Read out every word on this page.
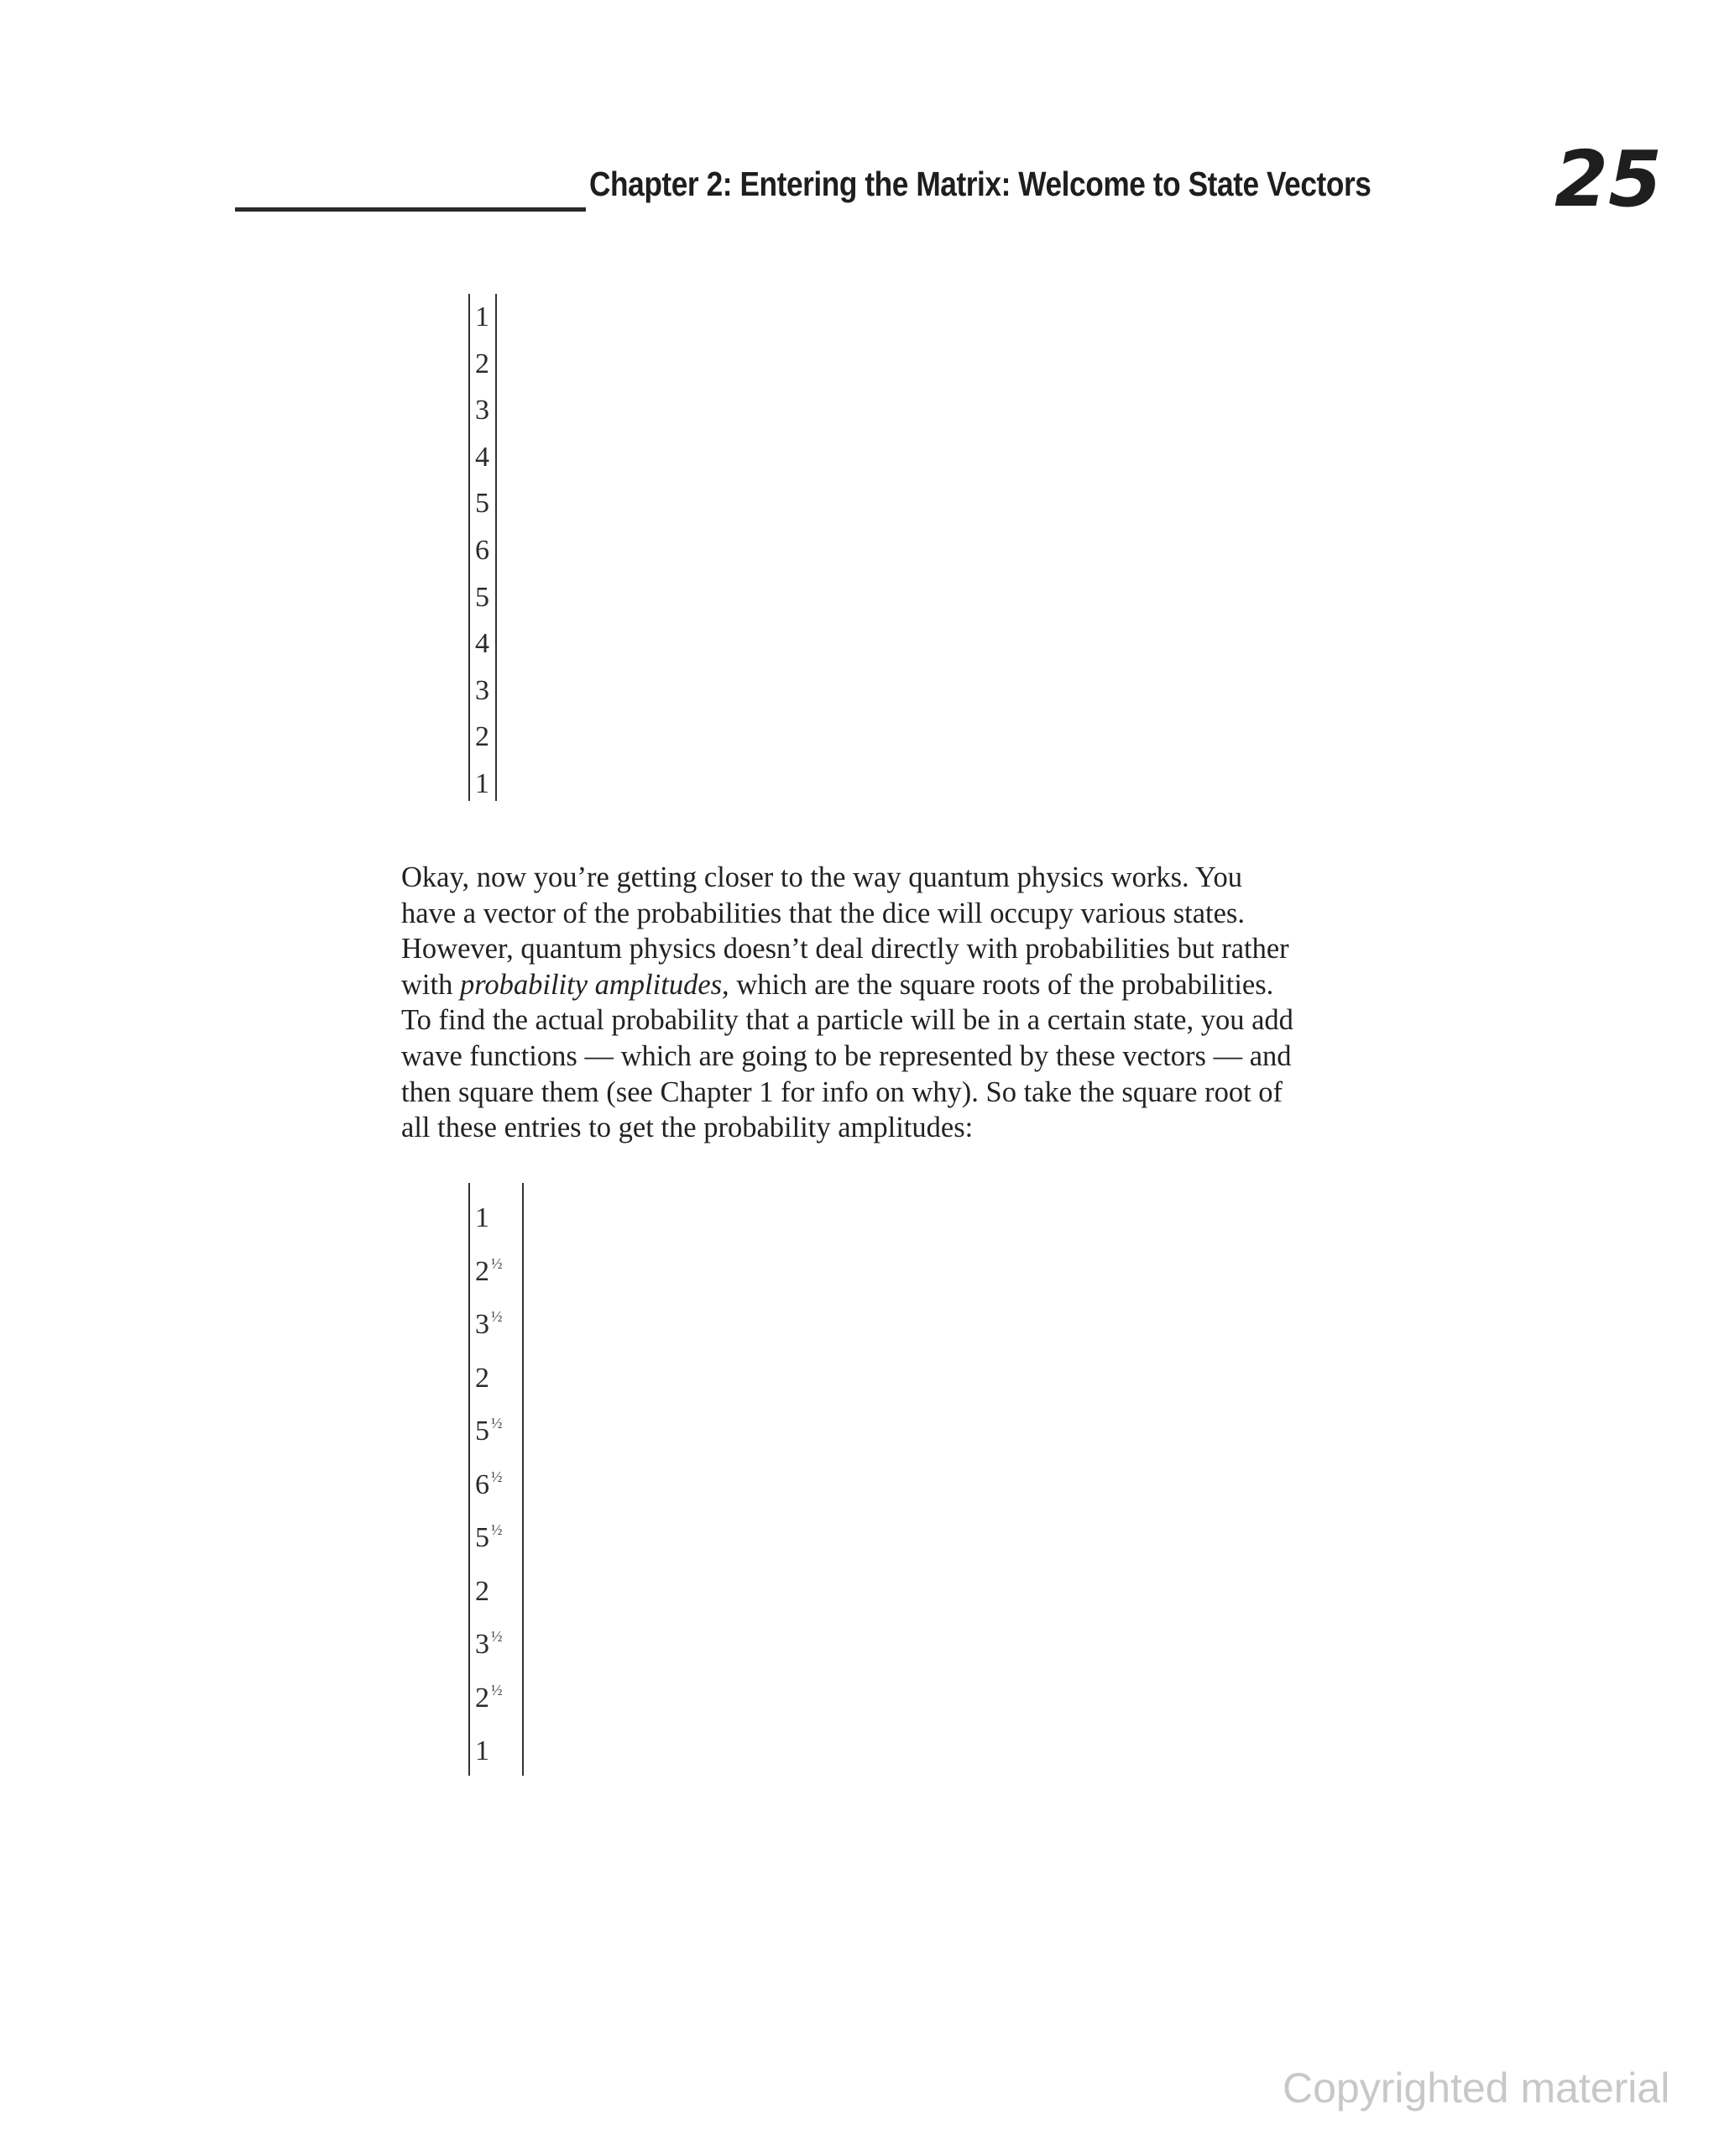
Chapter 2: Entering the Matrix: Welcome to State Vectors 25
1
2
3
4
5
6
5
4
3
2
1
Okay, now you’re getting closer to the way quantum physics works. You
have a vector of the probabilities that the dice will occupy various states.
However, quantum physics doesn’t deal directly with probabilities but rather
with probability amplitudes, which are the square roots of the probabilities.
To find the actual probability that a particle will be in a certain state, you add
wave functions — which are going to be represented by these vectors — and
then square them (see Chapter 1 for info on why). So take the square root of
all these entries to get the probability amplitudes:
1
2 $^{\frac{1}{2}}$
3 $^{\frac{1}{2}}$
2
5 $^{\frac{1}{2}}$
6 $^{\frac{1}{2}}$
5 $^{\frac{1}{2}}$
2
3 $^{\frac{1}{2}}$
2 $^{\frac{1}{2}}$
1
Copyrighted material
